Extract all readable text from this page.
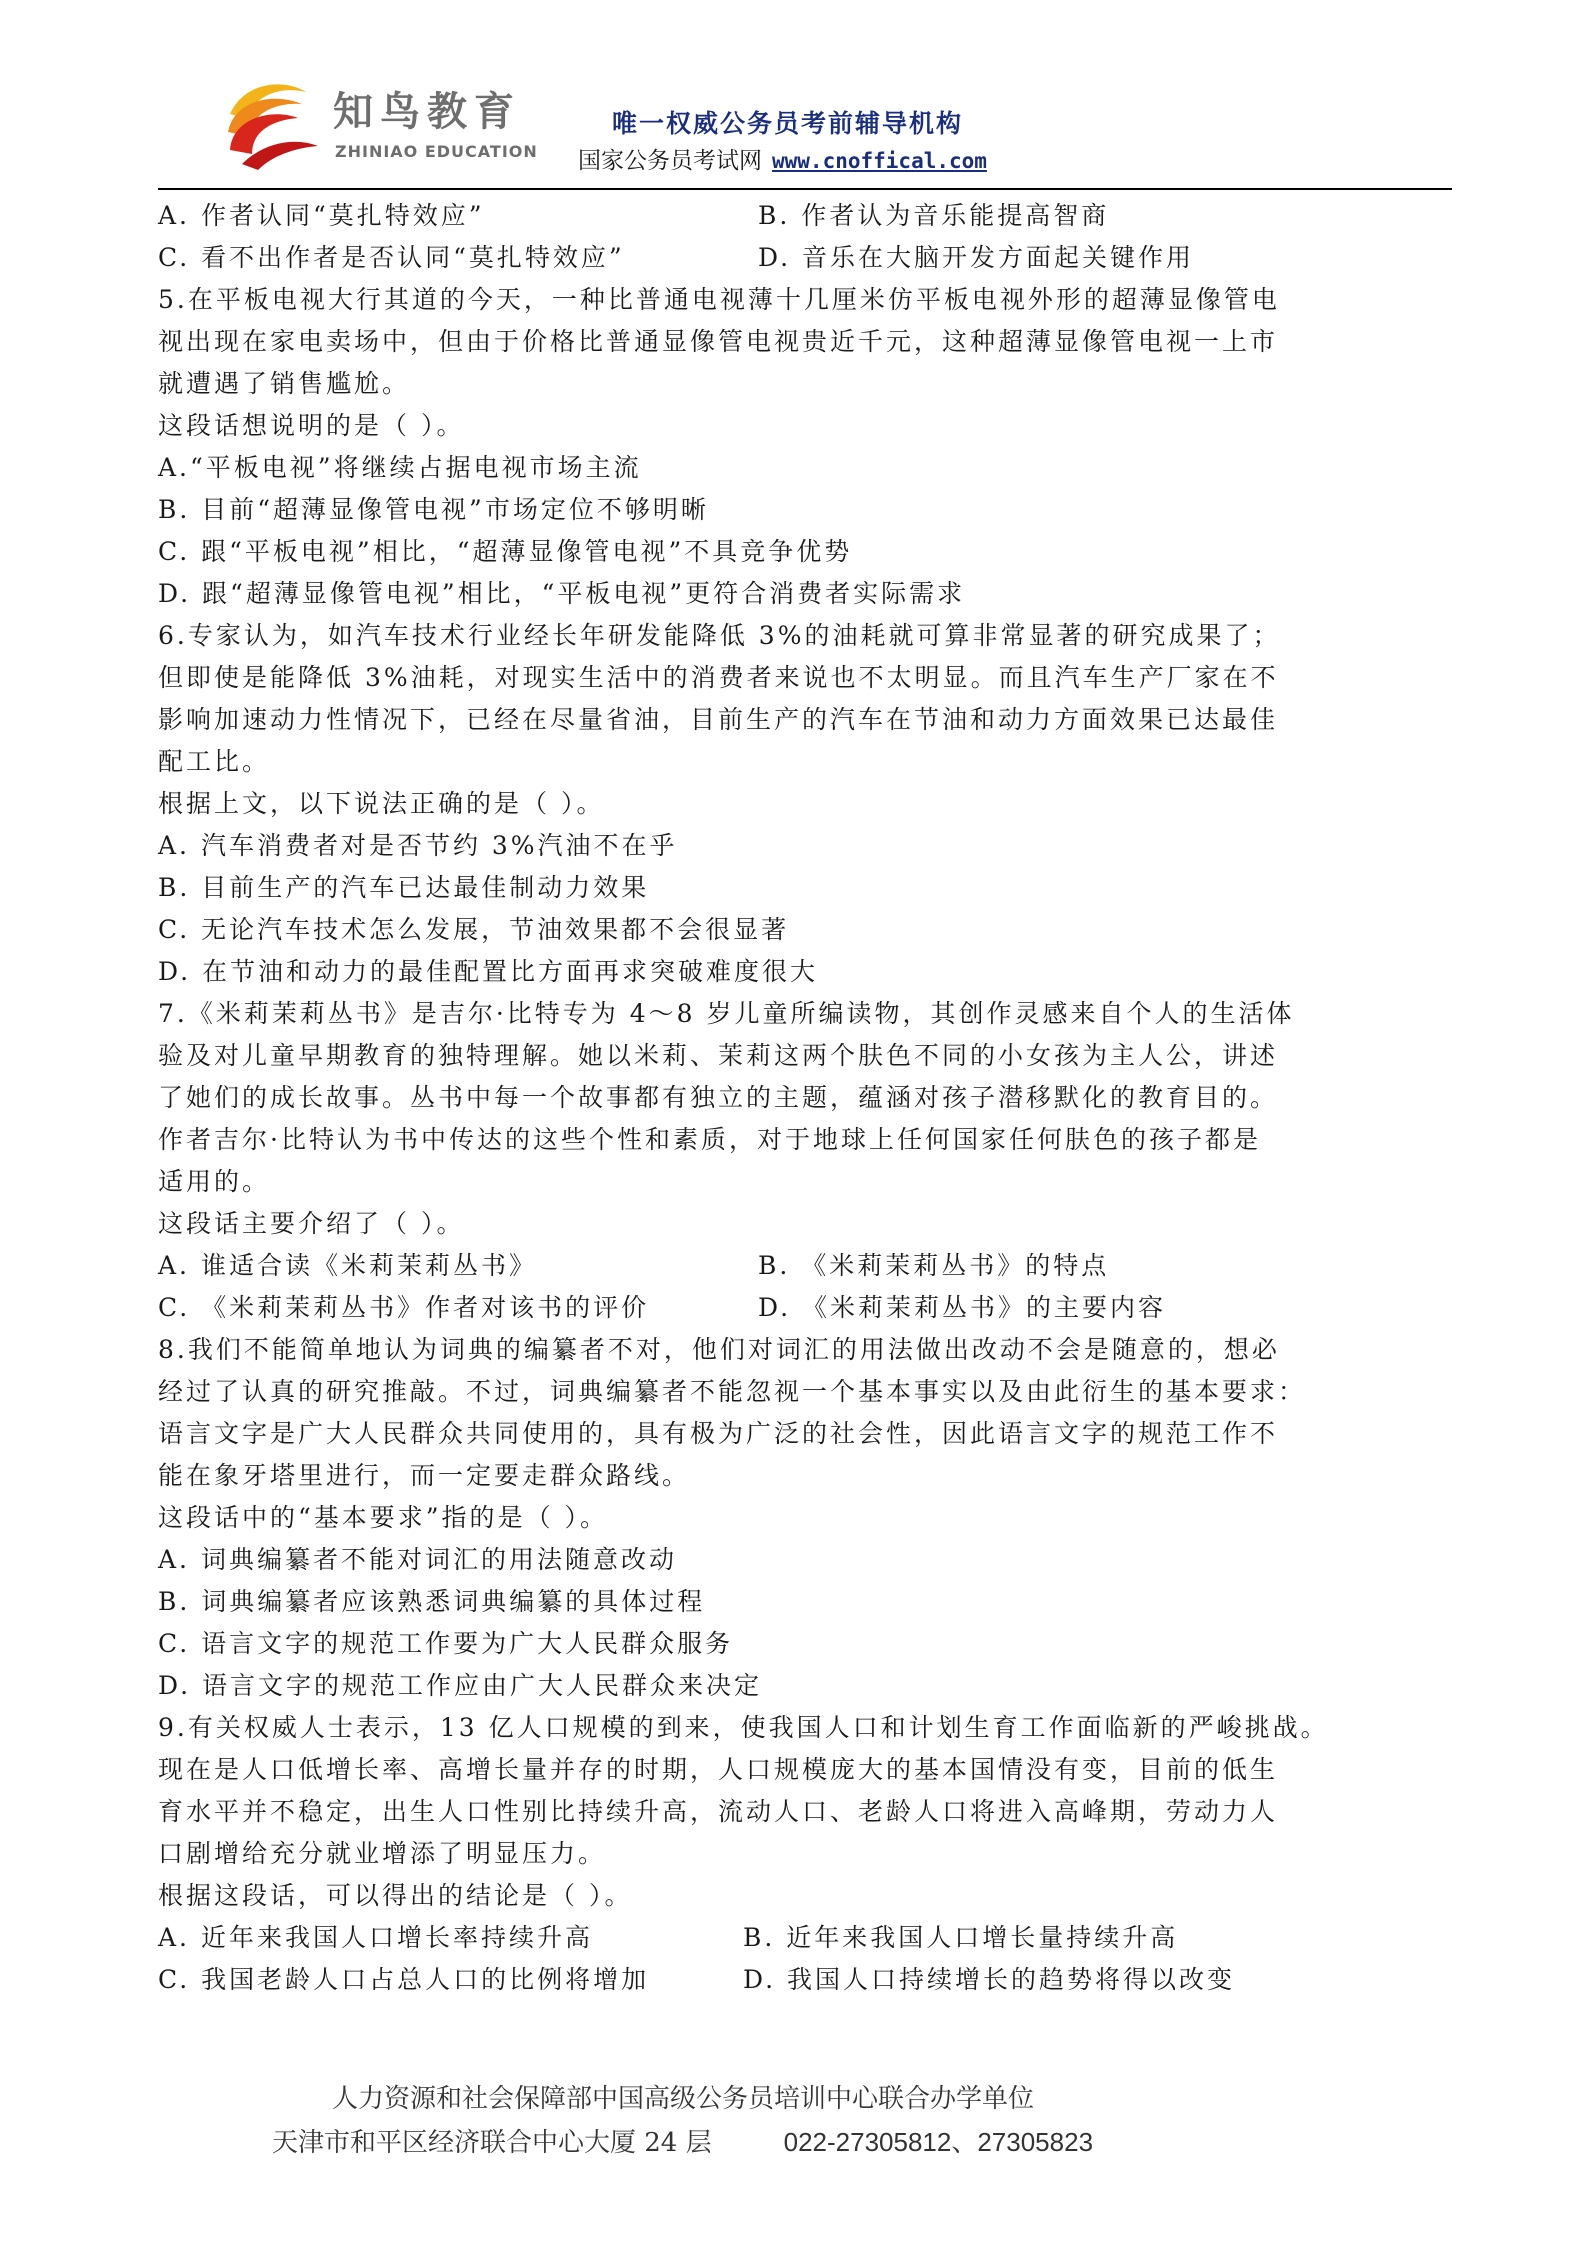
知鸟教育
ZHINIAO EDUCATION
唯一权威公务员考前辅导机构
国家公务员考试网 www.cnoffical.com
A. 作者认同“莫扎特效应”	B. 作者认为音乐能提高智商
C. 看不出作者是否认同“莫扎特效应”	D. 音乐在大脑开发方面起关键作用
5.在平板电视大行其道的今天，一种比普通电视薄十几厘米仿平板电视外形的超薄显像管电
视出现在家电卖场中，但由于价格比普通显像管电视贵近千元，这种超薄显像管电视一上市
就遭遇了销售尴尬。
这段话想说明的是（ ）。
A.“平板电视”将继续占据电视市场主流
B. 目前“超薄显像管电视”市场定位不够明晰
C. 跟“平板电视”相比，“超薄显像管电视”不具竞争优势
D. 跟“超薄显像管电视”相比，“平板电视”更符合消费者实际需求
6.专家认为，如汽车技术行业经长年研发能降低 3%的油耗就可算非常显著的研究成果了；
但即使是能降低 3%油耗，对现实生活中的消费者来说也不太明显。而且汽车生产厂家在不
影响加速动力性情况下，已经在尽量省油，目前生产的汽车在节油和动力方面效果已达最佳
配工比。
根据上文，以下说法正确的是（ ）。
A. 汽车消费者对是否节约 3%汽油不在乎
B. 目前生产的汽车已达最佳制动力效果
C. 无论汽车技术怎么发展，节油效果都不会很显著
D. 在节油和动力的最佳配置比方面再求突破难度很大
7.《米莉茉莉丛书》是吉尔·比特专为 4～8 岁儿童所编读物，其创作灵感来自个人的生活体
验及对儿童早期教育的独特理解。她以米莉、茉莉这两个肤色不同的小女孩为主人公，讲述
了她们的成长故事。丛书中每一个故事都有独立的主题，蕴涵对孩子潜移默化的教育目的。
作者吉尔·比特认为书中传达的这些个性和素质，对于地球上任何国家任何肤色的孩子都是
适用的。
这段话主要介绍了（ ）。
A. 谁适合读《米莉茉莉丛书》	B. 《米莉茉莉丛书》的特点
C. 《米莉茉莉丛书》作者对该书的评价	D. 《米莉茉莉丛书》的主要内容
8.我们不能简单地认为词典的编纂者不对，他们对词汇的用法做出改动不会是随意的，想必
经过了认真的研究推敲。不过，词典编纂者不能忽视一个基本事实以及由此衍生的基本要求：
语言文字是广大人民群众共同使用的，具有极为广泛的社会性，因此语言文字的规范工作不
能在象牙塔里进行，而一定要走群众路线。
这段话中的“基本要求”指的是（ ）。
A. 词典编纂者不能对词汇的用法随意改动
B. 词典编纂者应该熟悉词典编纂的具体过程
C. 语言文字的规范工作要为广大人民群众服务
D. 语言文字的规范工作应由广大人民群众来决定
9.有关权威人士表示，13 亿人口规模的到来，使我国人口和计划生育工作面临新的严峻挑战。
现在是人口低增长率、高增长量并存的时期，人口规模庞大的基本国情没有变，目前的低生
育水平并不稳定，出生人口性别比持续升高，流动人口、老龄人口将进入高峰期，劳动力人
口剧增给充分就业增添了明显压力。
根据这段话，可以得出的结论是（ ）。
A. 近年来我国人口增长率持续升高	B. 近年来我国人口增长量持续升高
C. 我国老龄人口占总人口的比例将增加	D. 我国人口持续增长的趋势将得以改变
人力资源和社会保障部中国高级公务员培训中心联合办学单位
天津市和平区经济联合中心大厦 24 层	022-27305812、27305823
